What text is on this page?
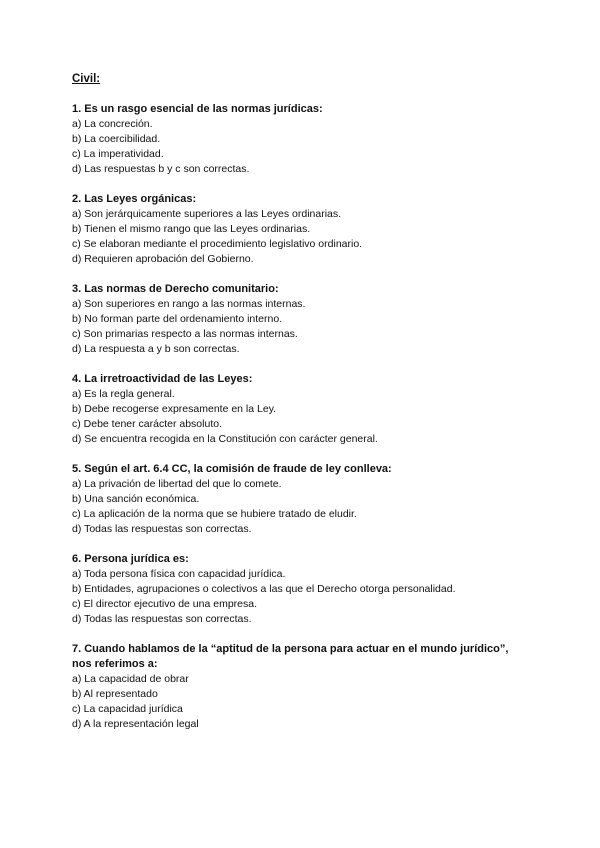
Civil:
1. Es un rasgo esencial de las normas jurídicas:
a) La concreción.
b) La coercibilidad.
c) La imperatividad.
d) Las respuestas b y c son correctas.
2. Las Leyes orgánicas:
a) Son jerárquicamente superiores a las Leyes ordinarias.
b) Tienen el mismo rango que las Leyes ordinarias.
c) Se elaboran mediante el procedimiento legislativo ordinario.
d) Requieren aprobación del Gobierno.
3. Las normas de Derecho comunitario:
a) Son superiores en rango a las normas internas.
b) No forman parte del ordenamiento interno.
c) Son primarias respecto a las normas internas.
d) La respuesta a y b son correctas.
4. La irretroactividad de las Leyes:
a) Es la regla general.
b) Debe recogerse expresamente en la Ley.
c) Debe tener carácter absoluto.
d) Se encuentra recogida en la Constitución con carácter general.
5. Según el art. 6.4 CC, la comisión de fraude de ley conlleva:
a) La privación de libertad del que lo comete.
b) Una sanción económica.
c) La aplicación de la norma que se hubiere tratado de eludir.
d) Todas las respuestas son correctas.
6. Persona jurídica es:
a) Toda persona física con capacidad jurídica.
b) Entidades, agrupaciones o colectivos a las que el Derecho otorga personalidad.
c) El director ejecutivo de una empresa.
d) Todas las respuestas son correctas.
7. Cuando hablamos de la “aptitud de la persona para actuar en el mundo jurídico”,
nos referimos a:
a) La capacidad de obrar
b) Al representado
c) La capacidad jurídica
d) A la representación legal
